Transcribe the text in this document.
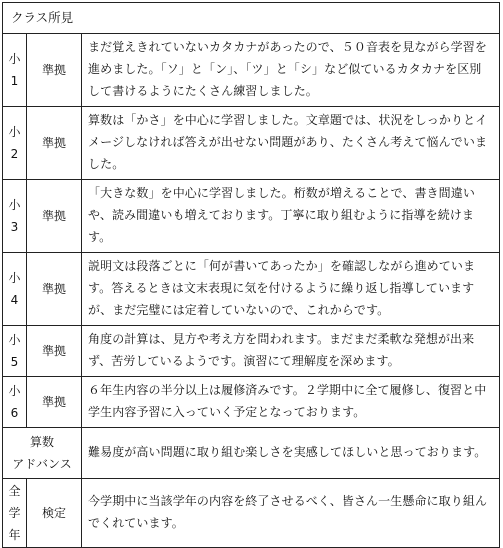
クラス所見		

小
1	準拠	まだ覚えきれていないカタカナがあったので、５０音表を見ながら学習を進めました。「ソ」と「ン」、「ツ」と「シ」など似ているカタカナを区別して書けるようにたくさん練習しました。

小
2	準拠	算数は「かさ」を中心に学習しました。文章題では、状況をしっかりとイメージしなければ答えが出せない問題があり、たくさん考えて悩んでいました。

小
3	準拠	「大きな数」を中心に学習しました。桁数が増えることで、書き間違いや、読み間違いも増えております。丁寧に取り組むように指導を続けます。

小
4	準拠	説明文は段落ごとに「何が書いてあったか」を確認しながら進めています。答えるときは文末表現に気を付けるように繰り返し指導していますが、まだ完璧には定着していないので、これからです。

小
5	準拠	角度の計算は、見方や考え方を問われます。まだまだ柔軟な発想が出来ず、苦労しているようです。演習にて理解度を深めます。

小
6	準拠	６年生内容の半分以上は履修済みです。２学期中に全て履修し、復習と中学生内容予習に入っていく予定となっております。

算数
アドバンス		難易度が高い問題に取り組む楽しさを実感してほしいと思っております。

全
学
年	検定	今学期中に当該学年の内容を終了させるべく、皆さん一生懸命に取り組んでくれています。
